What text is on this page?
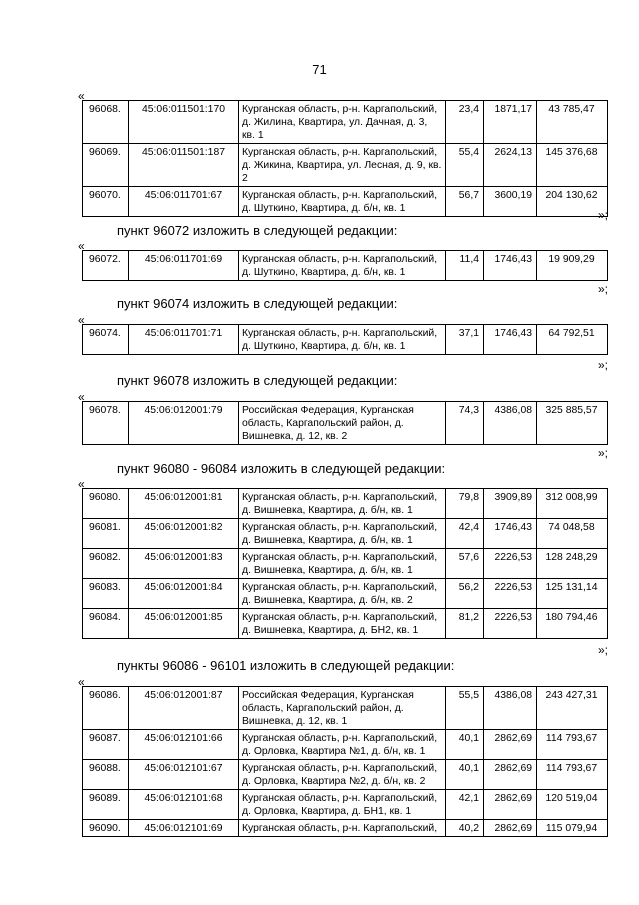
71
«
96068.	45:06:011501:170	Курганская область, р-н. Каргапольский, д. Жилина, Квартира, ул. Дачная, д. 3, кв. 1	23,4	1871,17	43 785,47
96069.	45:06:011501:187	Курганская область, р-н. Каргапольский, д. Жикина, Квартира, ул. Лесная, д. 9, кв. 2	55,4	2624,13	145 376,68
96070.	45:06:011701:67	Курганская область, р-н. Каргапольский, д. Шуткино, Квартира, д. б/н, кв. 1	56,7	3600,19	204 130,62
»;
пункт 96072 изложить в следующей редакции:
«
96072.	45:06:011701:69	Курганская область, р-н. Каргапольский, д. Шуткино, Квартира, д. б/н, кв. 1	11,4	1746,43	19 909,29
»;
пункт 96074 изложить в следующей редакции:
«
96074.	45:06:011701:71	Курганская область, р-н. Каргапольский, д. Шуткино, Квартира, д. б/н, кв. 1	37,1	1746,43	64 792,51
»;
пункт 96078 изложить в следующей редакции:
«
96078.	45:06:012001:79	Российская Федерация, Курганская область, Каргапольский район, д. Вишневка, д. 12, кв. 2	74,3	4386,08	325 885,57
»;
пункт 96080 - 96084 изложить в следующей редакции:
«
96080.	45:06:012001:81	Курганская область, р-н. Каргапольский, д. Вишневка, Квартира, д. б/н, кв. 1	79,8	3909,89	312 008,99
96081.	45:06:012001:82	Курганская область, р-н. Каргапольский, д. Вишневка, Квартира, д. б/н, кв. 1	42,4	1746,43	74 048,58
96082.	45:06:012001:83	Курганская область, р-н. Каргапольский, д. Вишневка, Квартира, д. б/н, кв. 1	57,6	2226,53	128 248,29
96083.	45:06:012001:84	Курганская область, р-н. Каргапольский, д. Вишневка, Квартира, д. б/н, кв. 2	56,2	2226,53	125 131,14
96084.	45:06:012001:85	Курганская область, р-н. Каргапольский, д. Вишневка, Квартира, д. БН2, кв. 1	81,2	2226,53	180 794,46
»;
пункты 96086 - 96101 изложить в следующей редакции:
«
96086.	45:06:012001:87	Российская Федерация, Курганская область, Каргапольский район, д. Вишневка, д. 12, кв. 1	55,5	4386,08	243 427,31
96087.	45:06:012101:66	Курганская область, р-н. Каргапольский, д. Орловка, Квартира №1, д. б/н, кв. 1	40,1	2862,69	114 793,67
96088.	45:06:012101:67	Курганская область, р-н. Каргапольский, д. Орловка, Квартира №2, д. б/н, кв. 2	40,1	2862,69	114 793,67
96089.	45:06:012101:68	Курганская область, р-н. Каргапольский, д. Орловка, Квартира, д. БН1, кв. 1	42,1	2862,69	120 519,04
96090.	45:06:012101:69	Курганская область, р-н. Каргапольский,	40,2	2862,69	115 079,94
